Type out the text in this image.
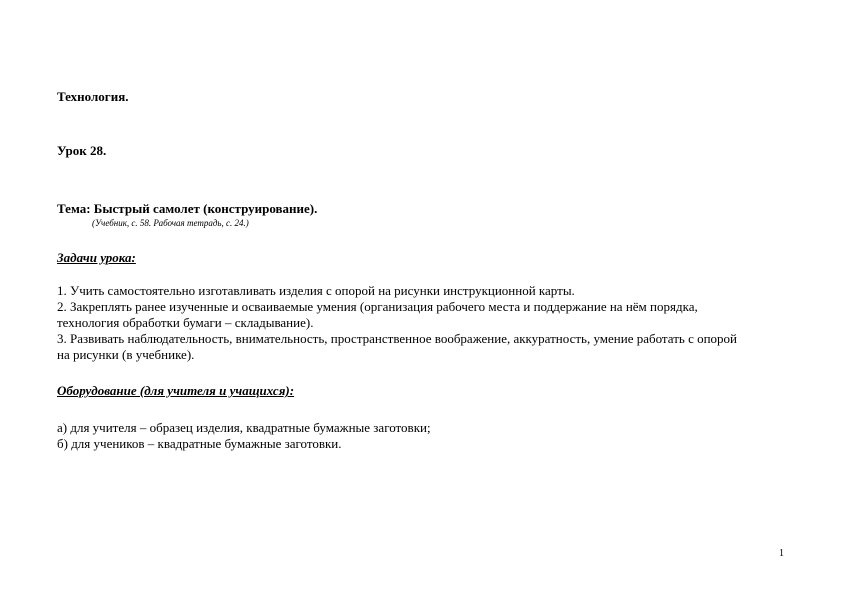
Технология.
Урок 28.
Тема: Быстрый самолет (конструирование).
(Учебник, с. 58. Рабочая тетрадь, с. 24.)
Задачи урока:
1. Учить самостоятельно изготавливать изделия с опорой на рисунки инструкционной карты.
2. Закреплять ранее изученные и осваиваемые умения (организация рабочего места и поддержание на нём порядка,
технология обработки бумаги – складывание).
3. Развивать наблюдательность, внимательность, пространственное воображение, аккуратность, умение работать с опорой
на рисунки (в учебнике).
Оборудование (для учителя и учащихся):
а) для учителя – образец изделия, квадратные бумажные заготовки;
б) для учеников – квадратные бумажные заготовки.
1
